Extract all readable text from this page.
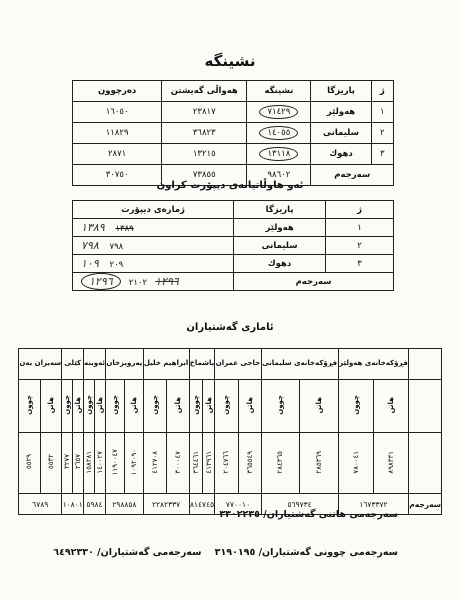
نشینگه
ژ	پاریزگا	نشینگه	هەواڵی گەیشتن	دەرچوون
١	هەولێر	٧١٤٢٩	٢٣٨١٧	١٦٠٥٠
٢	سلیمانی	١٤٠٥٥	٣٦٨٢٣	١١٨٢٩
٣	دهوك	١٣١١٨	١٣٢١٥	٢٨٧١
سەرجەم		٩٨٦٠٢	٧٣٨٥٥	٣٠٧٥٠
ئەو هاوڵاتیانەی دیپۆرت کراون
ژ	پاریزگا	ژمارەی دیپۆرت
١	هەولێر	١٣٨٩    ١٣٨٩
٢	سلیمانی	٧٩٨    ٧٩٨
٣	دهوك	٢٠٩    ١٠٩
سەرجەم		١٢٩٦   ٢١٠٢   ١٢٩٦
ئاماری گەشتیاران
	فڕۆکەخانەی هەولێر		فڕۆکەخانەی سلیمانی		حاجی عمران		باشماخ		ابراهیم خلیل		پەرویزخان		ئەوینە		کێلی		سەیران بەن	
	هاتن	چوون	هاتن	چوون	هاتن	چوون	هاتن	چوون	هاتن	چوون	هاتن	چوون	هاتن	چوون	هاتن	چوون	هاتن	چوون
	٨٩٨٣٣١	٧٨٠٠٤١	٢٨٥٣٦٩	٢٨٤٣٦٥	٣٦٥٥٤٩	٢٠٤٧٦٦	٤١٣٩٦١	٣٦٤٤٦١	٣٠٠٠٤٧	٤١٢٧٠٨	١٠٩٢٠٩٠	١١٩٠٠٤٧	١٤٠٠٢٧	١٥٨٢٨١	٢٦٥٧	٣٢٧٧	٥٥٣٢	٥٥٢٩
سەرجەم	١٦٧٣٣٧٢		٥٦٩٧٣٤		٧٧٠٠١٠		٨١٤٧٤٥		٢٢٨٢٣٣٧		٢٩٨٨٥٨		٥٩٨٤		١٠٨٠١		٦٧٨٩	
سەرجەمی هاتنی گەشتیاران/ ٣٣٠٢٢٣٥
سەرجەمی چوونی گەشتیاران/ ٣١٩٠١٩٥    سەرجەمی گەشتیاران/ ٦٤٩٢٣٣٠
